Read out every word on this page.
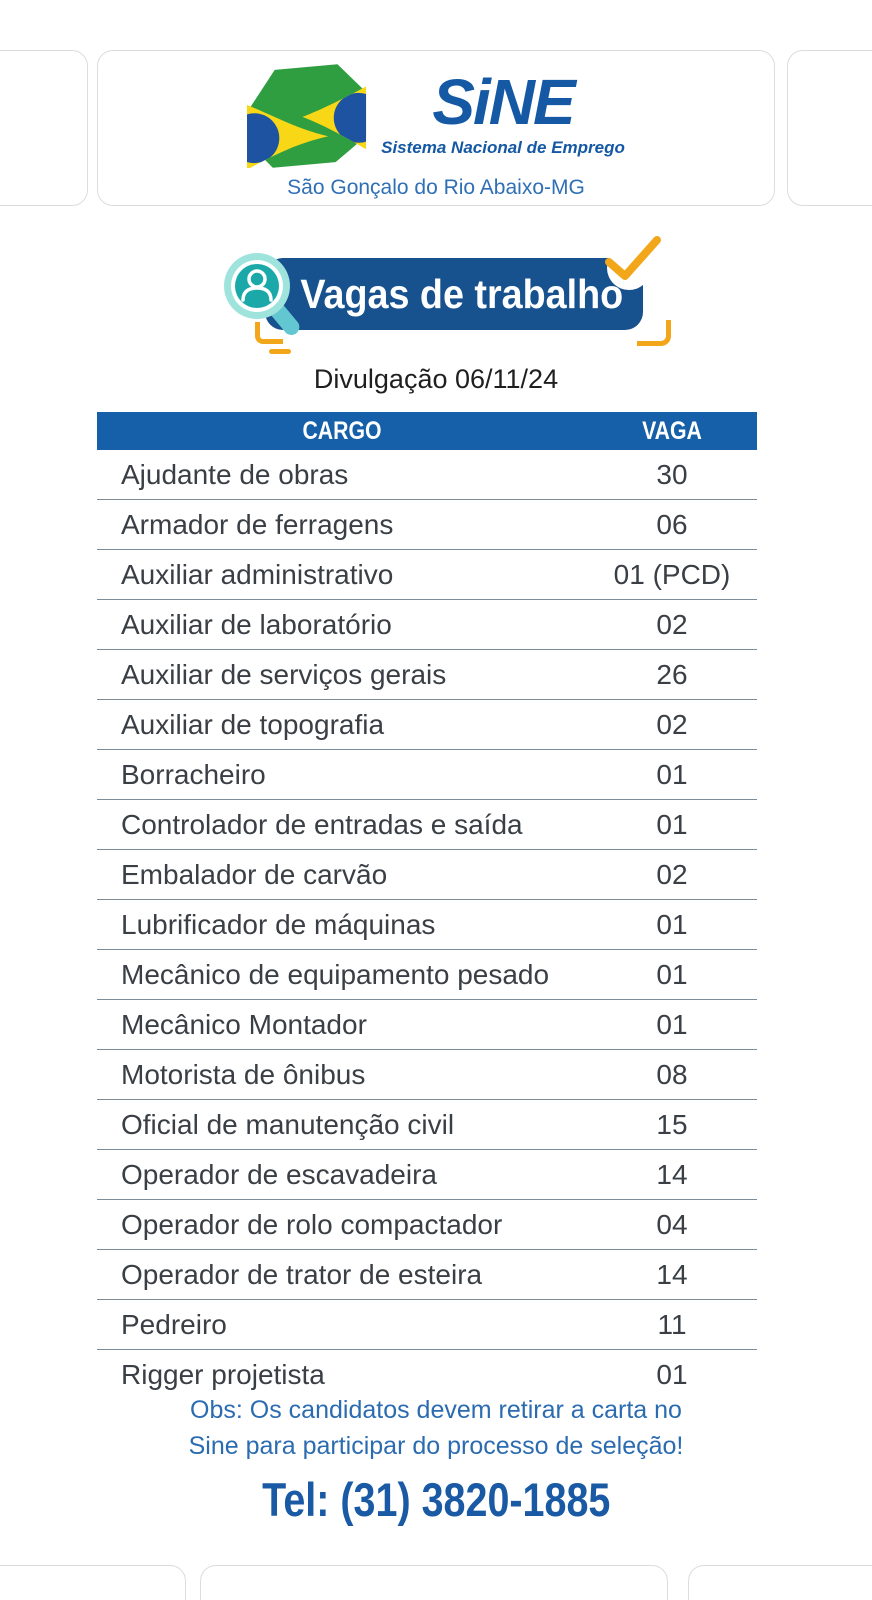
SiNE
Sistema Nacional de Emprego
São Gonçalo do Rio Abaixo-MG
Vagas de trabalho
Divulgação 06/11/24
CARGO	VAGA
Ajudante de obras	30
Armador de ferragens	06
Auxiliar administrativo	01 (PCD)
Auxiliar de laboratório	02
Auxiliar de serviços gerais	26
Auxiliar de topografia	02
Borracheiro	01
Controlador de entradas e saída	01
Embalador de carvão	02
Lubrificador de máquinas	01
Mecânico de equipamento pesado	01
Mecânico Montador	01
Motorista de ônibus	08
Oficial de manutenção civil	15
Operador de escavadeira	14
Operador de rolo compactador	04
Operador de trator de esteira	14
Pedreiro	11
Rigger projetista	01
Obs: Os candidatos devem retirar a carta no
Sine para participar do processo de seleção!
Tel: (31) 3820-1885
